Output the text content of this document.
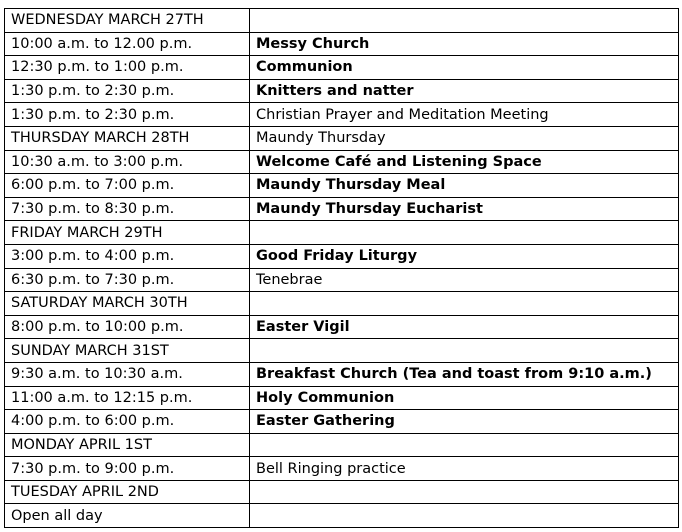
WEDNESDAY MARCH 27TH	
10:00 a.m. to 12.00 p.m.	Messy Church
12:30 p.m. to 1:00 p.m.	Communion
1:30 p.m. to 2:30 p.m.	Knitters and natter
1:30 p.m. to 2:30 p.m.	Christian Prayer and Meditation Meeting
THURSDAY MARCH 28TH	Maundy Thursday
10:30 a.m. to 3:00 p.m.	Welcome Café and Listening Space
6:00 p.m. to 7:00 p.m.	Maundy Thursday Meal
7:30 p.m. to 8:30 p.m.	Maundy Thursday Eucharist
FRIDAY MARCH 29TH	
3:00 p.m. to 4:00 p.m.	Good Friday Liturgy
6:30 p.m. to 7:30 p.m.	Tenebrae
SATURDAY MARCH 30TH	
8:00 p.m. to 10:00 p.m.	Easter Vigil
SUNDAY MARCH 31ST	
9:30 a.m. to 10:30 a.m.	Breakfast Church (Tea and toast from 9:10 a.m.)
11:00 a.m. to 12:15 p.m.	Holy Communion
4:00 p.m. to 6:00 p.m.	Easter Gathering
MONDAY APRIL 1ST	
7:30 p.m. to 9:00 p.m.	Bell Ringing practice
TUESDAY APRIL 2ND	
Open all day	
